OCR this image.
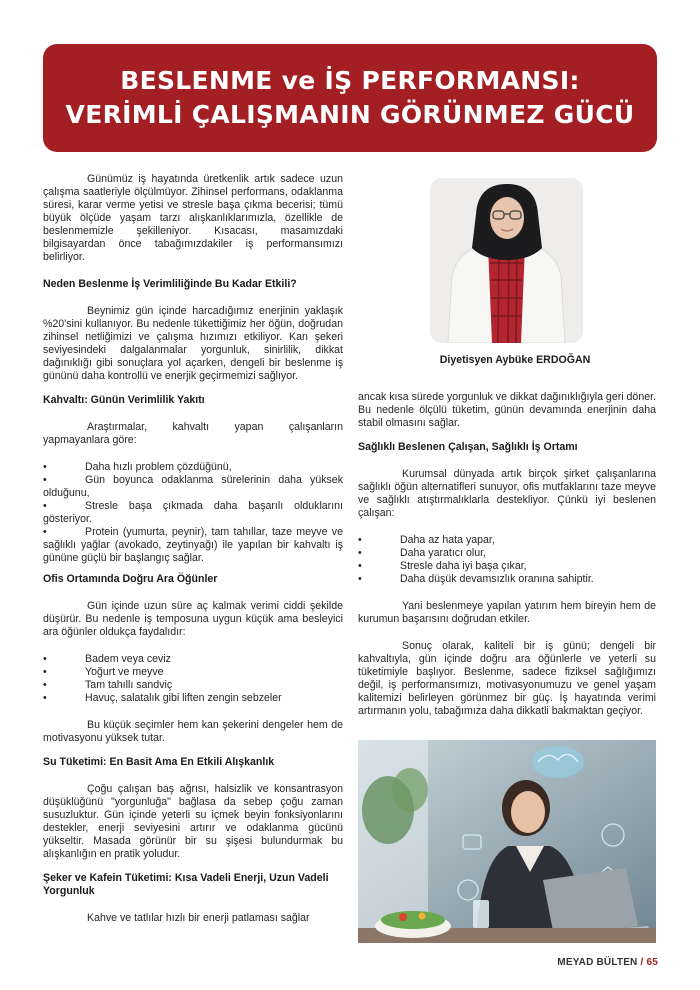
BESLENME ve İŞ PERFORMANSI:
VERİMLİ ÇALIŞMANIN GÖRÜNMEZ GÜCÜ

Günümüz iş hayatında üretkenlik artık sadece uzun çalışma saatleriyle ölçülmüyor. Zihinsel performans, odaklanma süresi, karar verme yetisi ve stresle başa çıkma becerisi; tümü büyük ölçüde yaşam tarzı alışkanlıklarımızla, özellikle de beslenmemizle şekilleniyor. Kısacası, masamızdaki bilgisayardan önce tabağımızdakiler iş performansımızı belirliyor.

Neden Beslenme İş Verimliliğinde Bu Kadar Etkili?

Beynimiz gün içinde harcadığımız enerjinin yaklaşık %20'sini kullanıyor. Bu nedenle tükettiğimiz her öğün, doğrudan zihinsel netliğimizi ve çalışma hızımızı etkiliyor. Kan şekeri seviyesindeki dalgalanmalar yorgunluk, sinirlilik, dikkat dağınıklığı gibi sonuçlara yol açarken, dengeli bir beslenme iş gününü daha kontrollü ve enerjik geçirmemizi sağlıyor.

Kahvaltı: Günün Verimlilik Yakıtı

Araştırmalar, kahvaltı yapan çalışanların yapmayanlara göre:

• Daha hızlı problem çözdüğünü,
• Gün boyunca odaklanma sürelerinin daha yüksek olduğunu,
• Stresle başa çıkmada daha başarılı olduklarını gösteriyor.
• Protein (yumurta, peynir), tam tahıllar, taze meyve ve sağlıklı yağlar (avokado, zeytinyağı) ile yapılan bir kahvaltı iş gününe güçlü bir başlangıç sağlar.
Ofis Ortamında Doğru Ara Öğünler

Gün içinde uzun süre aç kalmak verimi ciddi şekilde düşürür. Bu nedenle iş temposuna uygun küçük ama besleyici ara öğünler oldukça faydalıdır:

• Badem veya ceviz
• Yoğurt ve meyve
• Tam tahıllı sandviç
• Havuç, salatalık gibi liften zengin sebzeler

Bu küçük seçimler hem kan şekerini dengeler hem de motivasyonu yüksek tutar.

Su Tüketimi: En Basit Ama En Etkili Alışkanlık

Çoğu çalışan baş ağrısı, halsizlik ve konsantrasyon düşüklüğünü "yorgunluğa" bağlasa da sebep çoğu zaman susuzluktur. Gün içinde yeterli su içmek beyin fonksiyonlarını destekler, enerji seviyesini artırır ve odaklanma gücünü yükseltir. Masada görünür bir su şişesi bulundurmak bu alışkanlığın en pratik yoludur.

Şeker ve Kafein Tüketimi: Kısa Vadeli Enerji, Uzun Vadeli Yorgunluk

Kahve ve tatlılar hızlı bir enerji patlaması sağlar

Diyetisyen Aybüke ERDOĞAN

ancak kısa sürede yorgunluk ve dikkat dağınıklığıyla geri döner. Bu nedenle ölçülü tüketim, günün devamında enerjinin daha stabil olmasını sağlar.

Sağlıklı Beslenen Çalışan, Sağlıklı İş Ortamı

Kurumsal dünyada artık birçok şirket çalışanlarına sağlıklı öğün alternatifleri sunuyor, ofis mutfaklarını taze meyve ve sağlıklı atıştırmalıklarla destekliyor. Çünkü iyi beslenen çalışan:

• Daha az hata yapar,
• Daha yaratıcı olur,
• Stresle daha iyi başa çıkar,
• Daha düşük devamsızlık oranına sahiptir.

Yani beslenmeye yapılan yatırım hem bireyin hem de kurumun başarısını doğrudan etkiler.

Sonuç olarak, kaliteli bir iş günü; dengeli bir kahvaltıyla, gün içinde doğru ara öğünlerle ve yeterli su tüketimiyle başlıyor. Beslenme, sadece fiziksel sağlığımızı değil, iş performansımızı, motivasyonumuzu ve genel yaşam kalitemizi belirleyen görünmez bir güç. İş hayatında verimi artırmanın yolu, tabağımıza daha dikkatli bakmaktan geçiyor.

MEYAD BÜLTEN / 65
